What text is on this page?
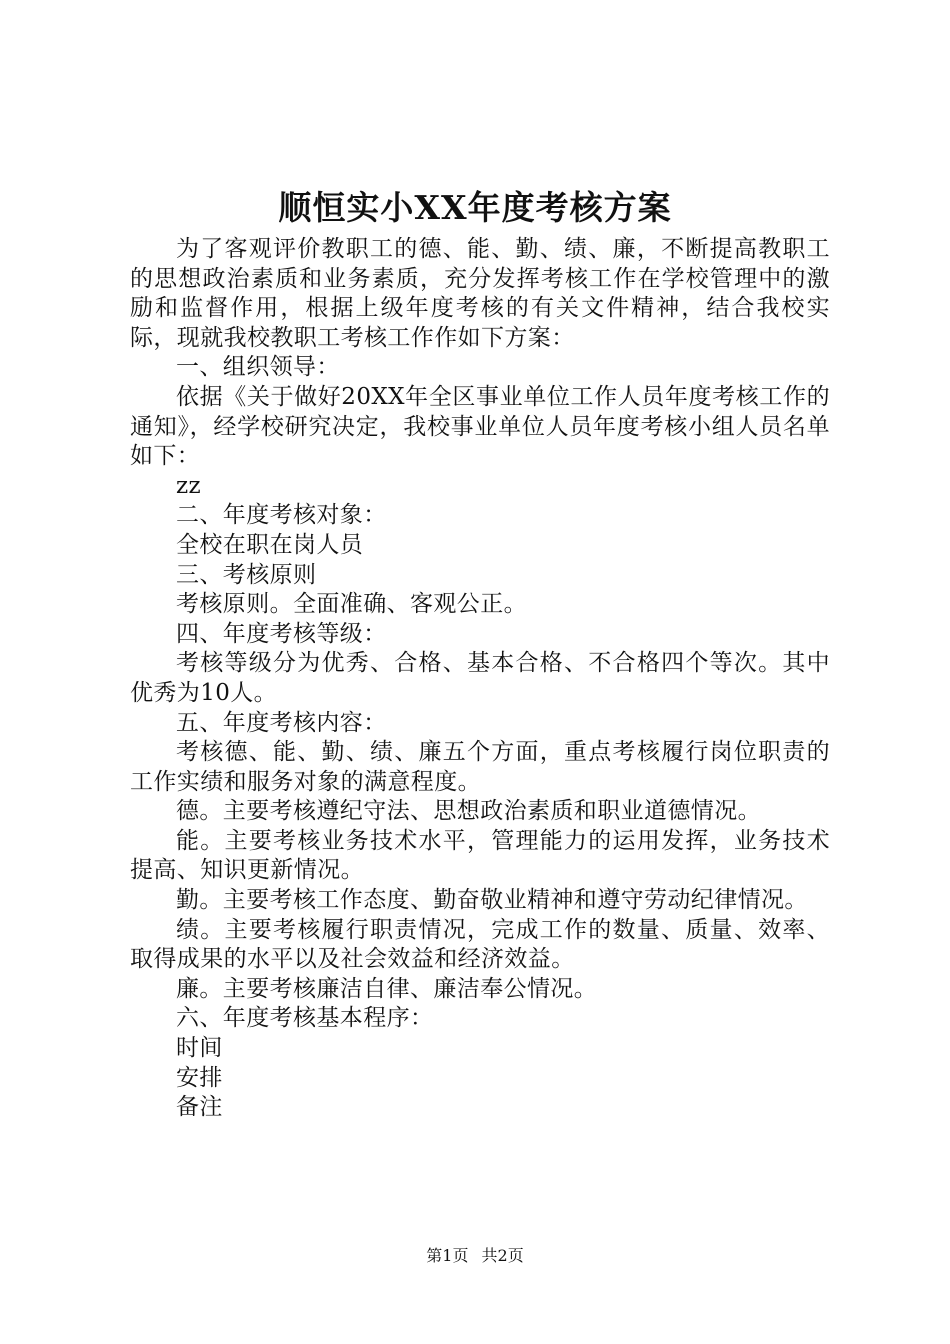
顺恒实小XX年度考核方案

为了客观评价教职工的德、能、勤、绩、廉，不断提高教职工的思想政治素质和业务素质，充分发挥考核工作在学校管理中的激励和监督作用，根据上级年度考核的有关文件精神，结合我校实际，现就我校教职工考核工作作如下方案：

一、组织领导：

依据《关于做好20XX年全区事业单位工作人员年度考核工作的通知》，经学校研究决定，我校事业单位人员年度考核小组人员名单如下：

zz

二、年度考核对象：

全校在职在岗人员

三、考核原则

考核原则。全面准确、客观公正。

四、年度考核等级：

考核等级分为优秀、合格、基本合格、不合格四个等次。其中优秀为10人。

五、年度考核内容：

考核德、能、勤、绩、廉五个方面，重点考核履行岗位职责的工作实绩和服务对象的满意程度。

德。主要考核遵纪守法、思想政治素质和职业道德情况。

能。主要考核业务技术水平，管理能力的运用发挥，业务技术提高、知识更新情况。

勤。主要考核工作态度、勤奋敬业精神和遵守劳动纪律情况。

绩。主要考核履行职责情况，完成工作的数量、质量、效率、取得成果的水平以及社会效益和经济效益。

廉。主要考核廉洁自律、廉洁奉公情况。

六、年度考核基本程序：

时间

安排

备注

第1页 共2页
